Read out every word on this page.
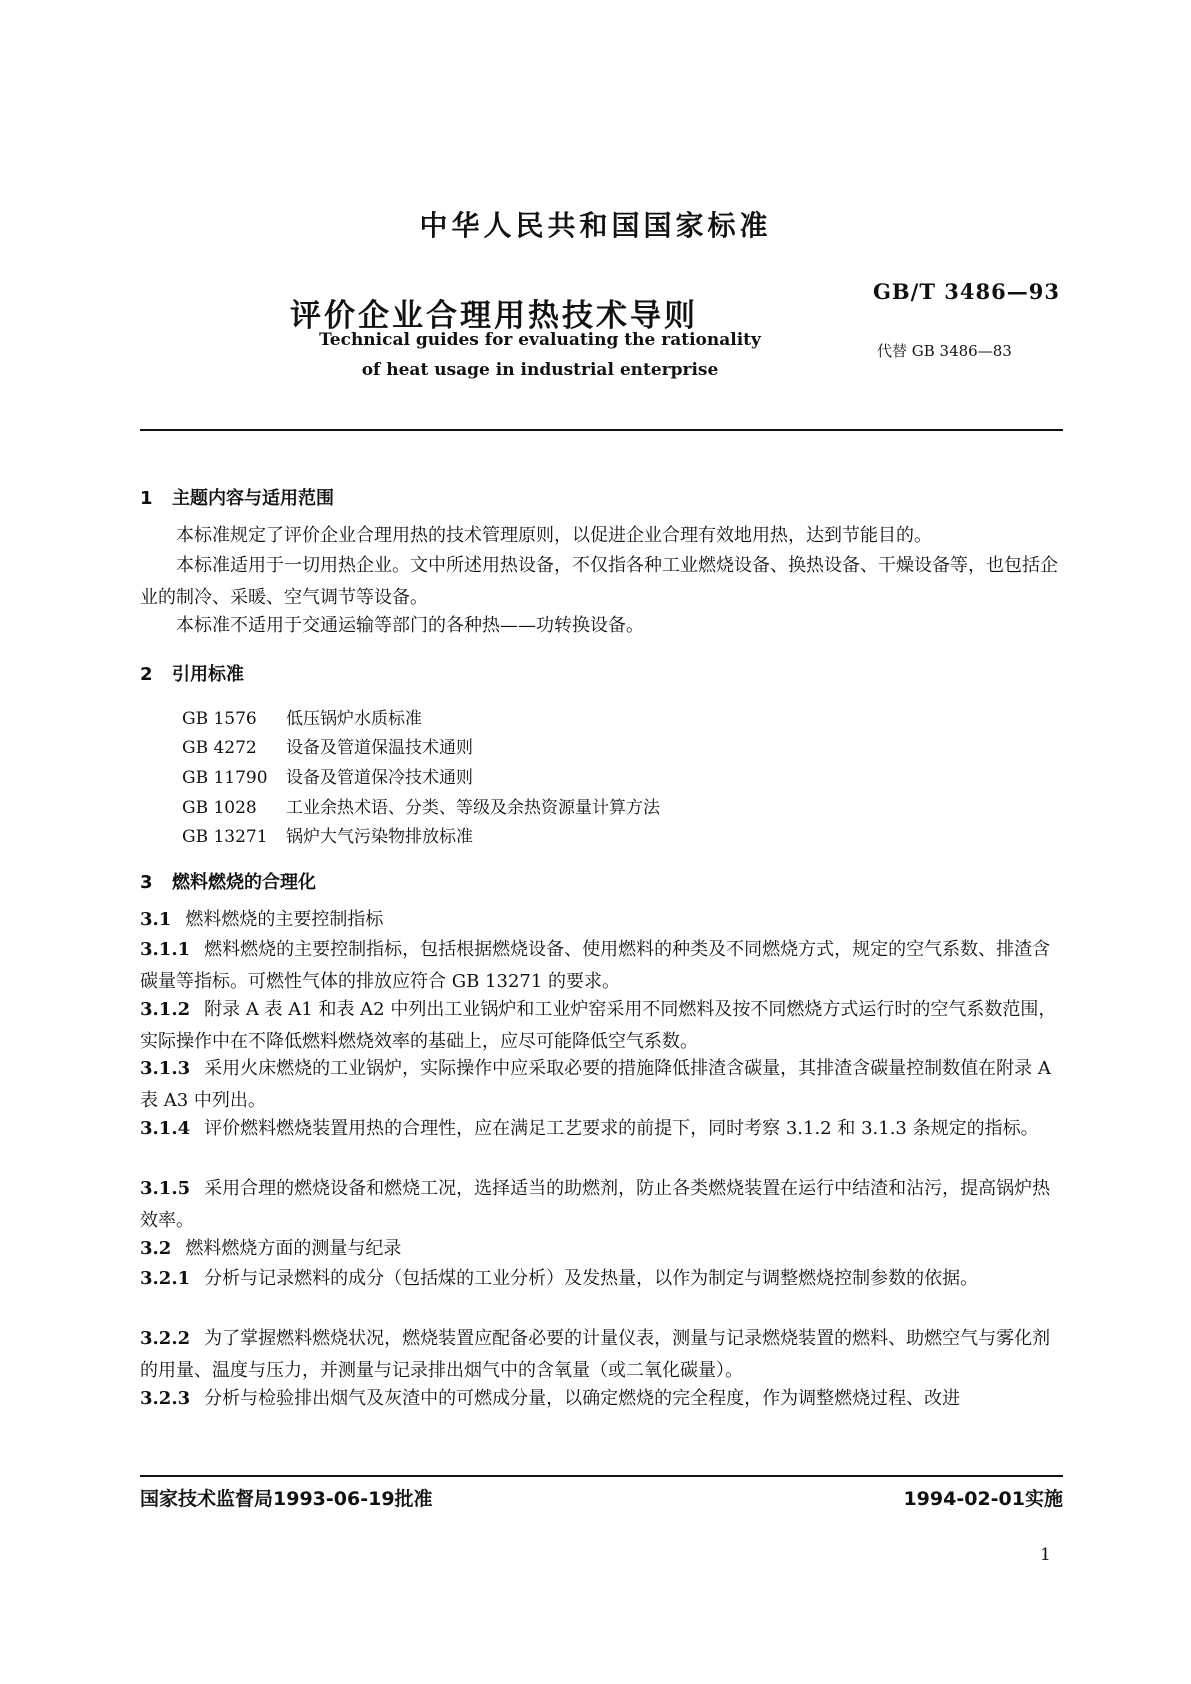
中华人民共和国国家标准
评价企业合理用热技术导则
GB/T 3486—93
代替 GB 3486—83
Technical guides for evaluating the rationality
of heat usage in industrial enterprise
1 主题内容与适用范围

本标准规定了评价企业合理用热的技术管理原则，以促进企业合理有效地用热，达到节能目的。

本标准适用于一切用热企业。文中所述用热设备，不仅指各种工业燃烧设备、换热设备、干燥设备等，也包括企业的制冷、采暖、空气调节等设备。

本标准不适用于交通运输等部门的各种热——功转换设备。

2 引用标准
GB 1576 低压锅炉水质标准
GB 4272 设备及管道保温技术通则
GB 11790 设备及管道保冷技术通则
GB 1028 工业余热术语、分类、等级及余热资源量计算方法
GB 13271 锅炉大气污染物排放标准
3 燃料燃烧的合理化

3.1 燃料燃烧的主要控制指标

3.1.1 燃料燃烧的主要控制指标，包括根据燃烧设备、使用燃料的种类及不同燃烧方式，规定的空气系数、排渣含碳量等指标。可燃性气体的排放应符合 GB 13271 的要求。

3.1.2 附录 A 表 A1 和表 A2 中列出工业锅炉和工业炉窑采用不同燃料及按不同燃烧方式运行时的空气系数范围，实际操作中在不降低燃料燃烧效率的基础上，应尽可能降低空气系数。

3.1.3 采用火床燃烧的工业锅炉，实际操作中应采取必要的措施降低排渣含碳量，其排渣含碳量控制数值在附录 A 表 A3 中列出。

3.1.4 评价燃料燃烧装置用热的合理性，应在满足工艺要求的前提下，同时考察 3.1.2 和 3.1.3 条规定的指标。

3.1.5 采用合理的燃烧设备和燃烧工况，选择适当的助燃剂，防止各类燃烧装置在运行中结渣和沾污，提高锅炉热效率。

3.2 燃料燃烧方面的测量与纪录

3.2.1 分析与记录燃料的成分（包括煤的工业分析）及发热量，以作为制定与调整燃烧控制参数的依据。

3.2.2 为了掌握燃料燃烧状况，燃烧装置应配备必要的计量仪表，测量与记录燃烧装置的燃料、助燃空气与雾化剂的用量、温度与压力，并测量与记录排出烟气中的含氧量（或二氧化碳量）。

3.2.3 分析与检验排出烟气及灰渣中的可燃成分量，以确定燃烧的完全程度，作为调整燃烧过程、改进

国家技术监督局1993-06-19批准	1994-02-01实施
1
